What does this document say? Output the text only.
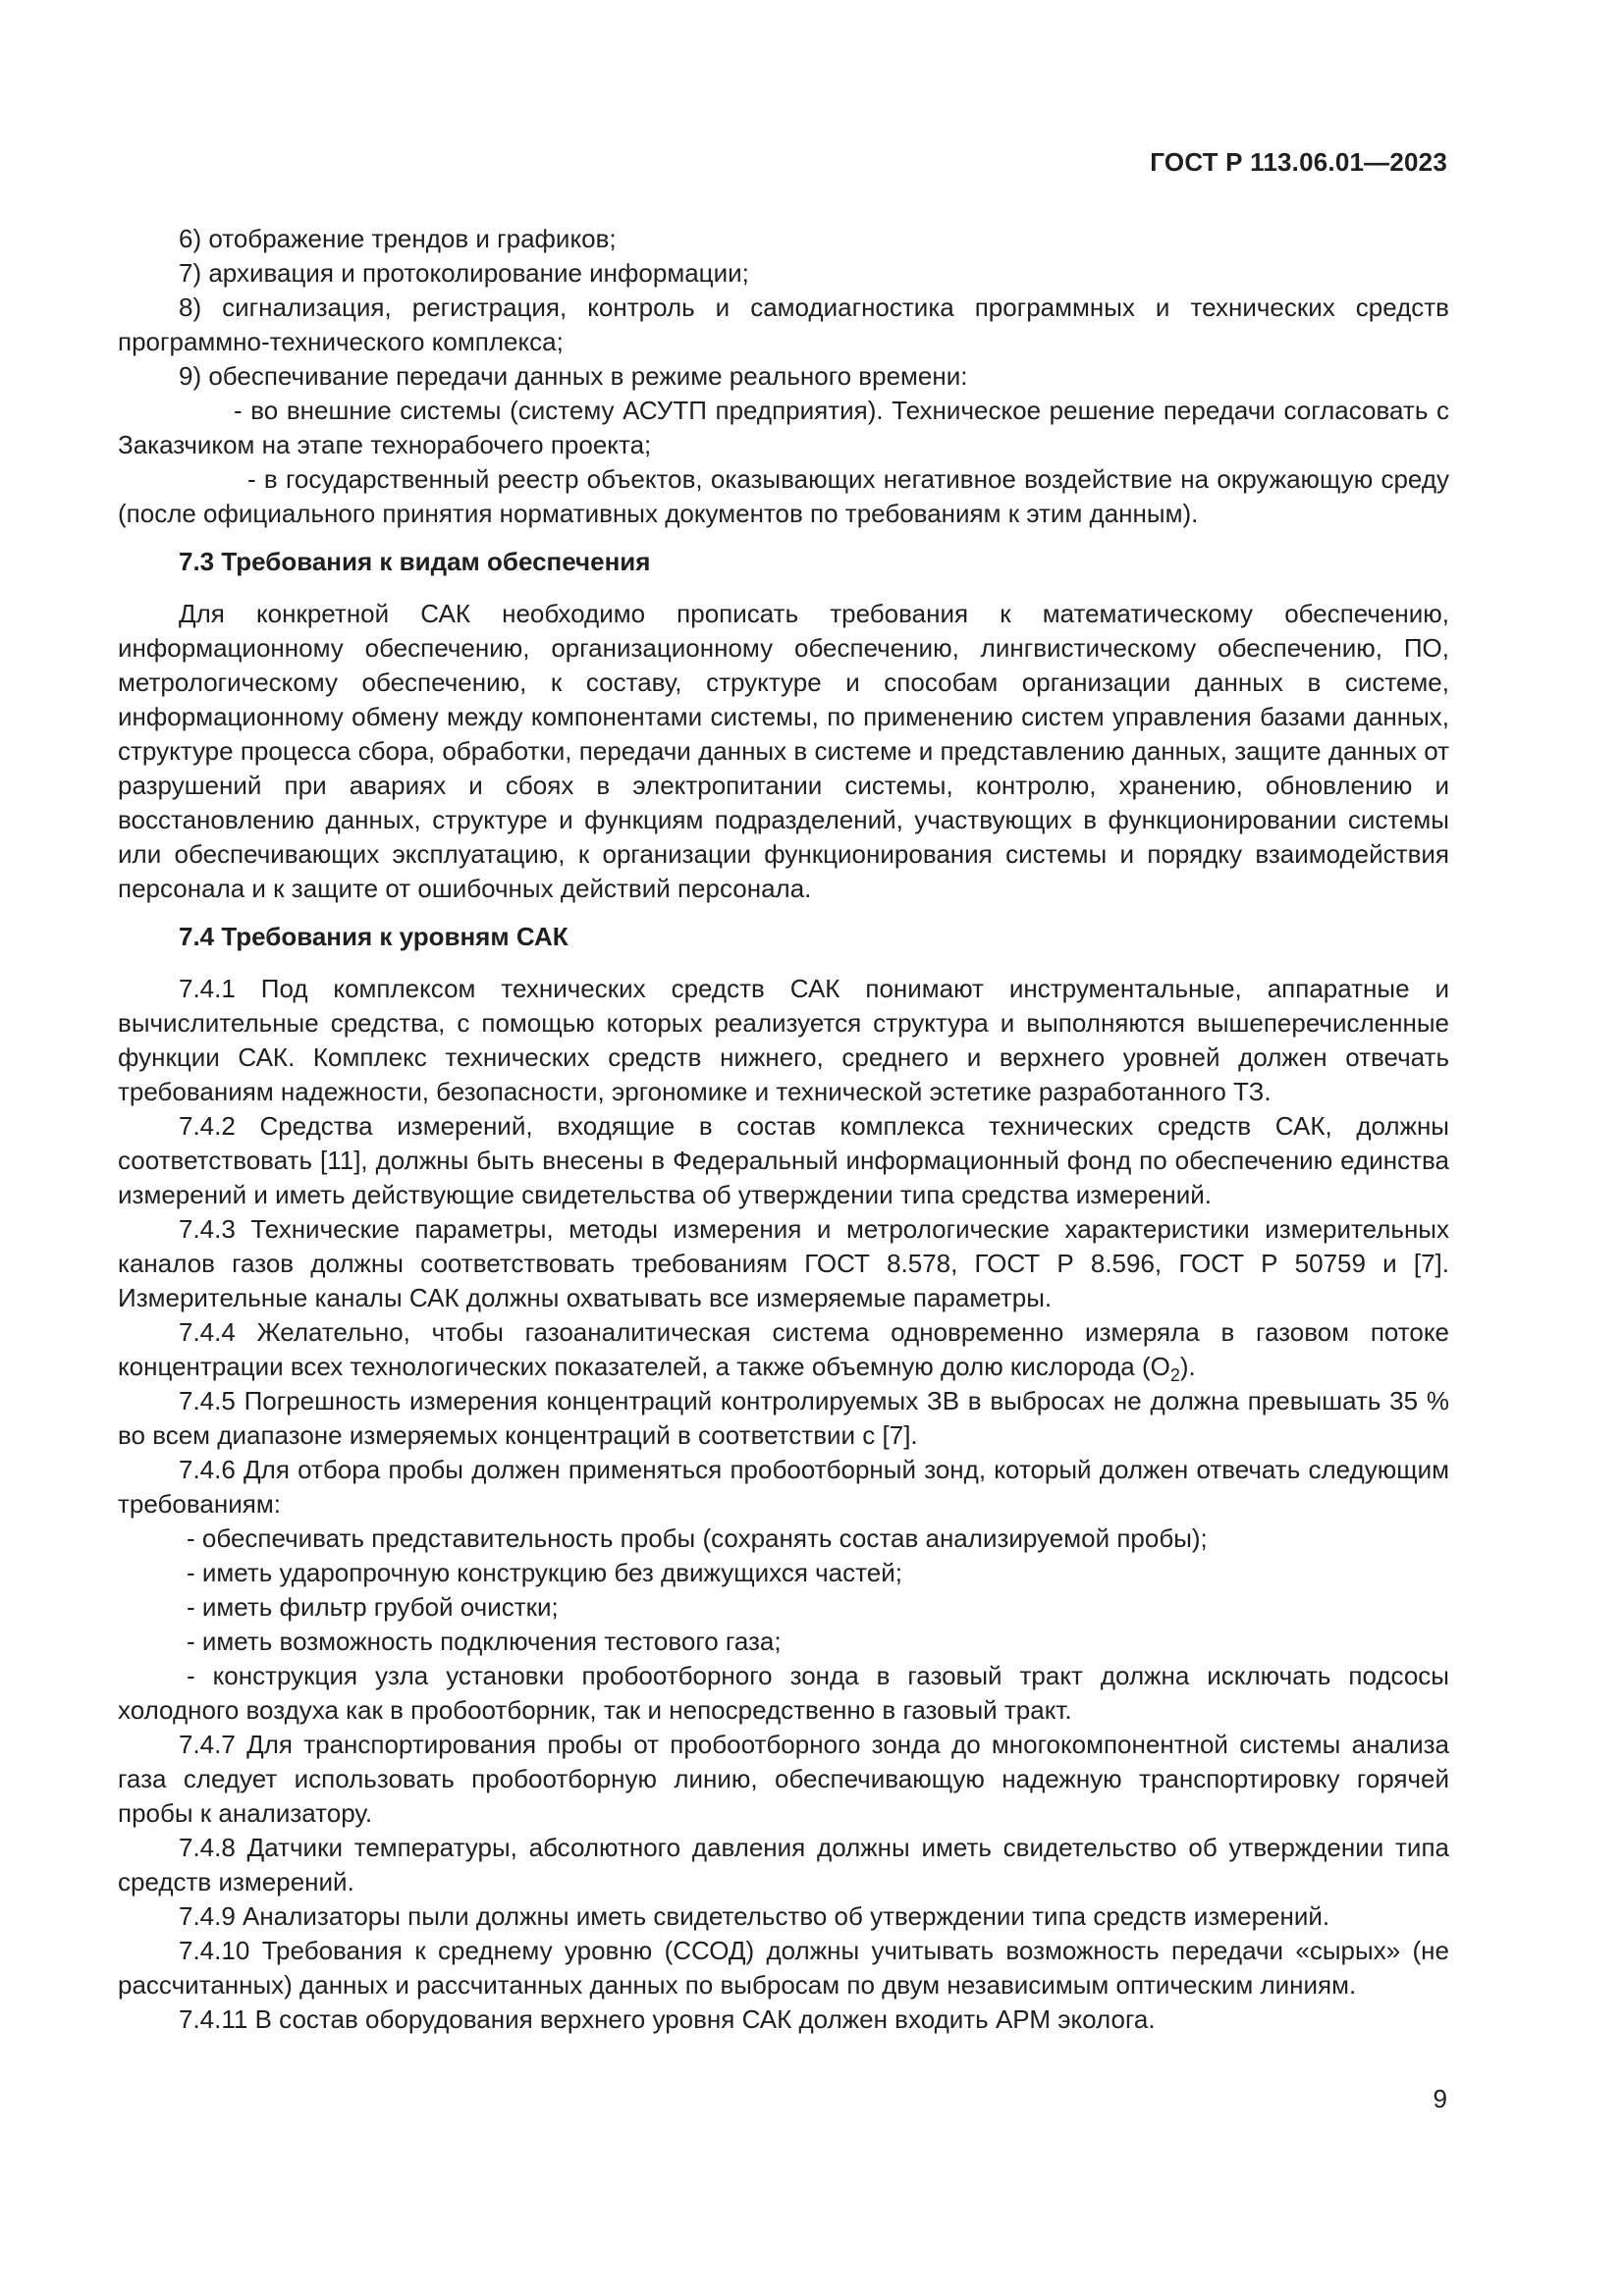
ГОСТ Р 113.06.01—2023

6) отображение трендов и графиков;

7) архивация и протоколирование информации;

8) сигнализация, регистрация, контроль и самодиагностика программных и технических средств программно-технического комплекса;

9) обеспечивание передачи данных в режиме реального времени:

- во внешние системы (систему АСУТП предприятия). Техническое решение передачи согласовать с Заказчиком на этапе технорабочего проекта;

- в государственный реестр объектов, оказывающих негативное воздействие на окружающую среду (после официального принятия нормативных документов по требованиям к этим данным).

7.3 Требования к видам обеспечения

Для конкретной САК необходимо прописать требования к математическому обеспечению, информационному обеспечению, организационному обеспечению, лингвистическому обеспечению, ПО, метрологическому обеспечению, к составу, структуре и способам организации данных в системе, информационному обмену между компонентами системы, по применению систем управления базами данных, структуре процесса сбора, обработки, передачи данных в системе и представлению данных, защите данных от разрушений при авариях и сбоях в электропитании системы, контролю, хранению, обновлению и восстановлению данных, структуре и функциям подразделений, участвующих в функционировании системы или обеспечивающих эксплуатацию, к организации функционирования системы и порядку взаимодействия персонала и к защите от ошибочных действий персонала.

7.4 Требования к уровням САК

7.4.1 Под комплексом технических средств САК понимают инструментальные, аппаратные и вычислительные средства, с помощью которых реализуется структура и выполняются вышеперечисленные функции САК. Комплекс технических средств нижнего, среднего и верхнего уровней должен отвечать требованиям надежности, безопасности, эргономике и технической эстетике разработанного ТЗ.

7.4.2 Средства измерений, входящие в состав комплекса технических средств САК, должны соответствовать [11], должны быть внесены в Федеральный информационный фонд по обеспечению единства измерений и иметь действующие свидетельства об утверждении типа средства измерений.

7.4.3 Технические параметры, методы измерения и метрологические характеристики измерительных каналов газов должны соответствовать требованиям ГОСТ 8.578, ГОСТ Р 8.596, ГОСТ Р 50759 и [7]. Измерительные каналы САК должны охватывать все измеряемые параметры.

7.4.4 Желательно, чтобы газоаналитическая система одновременно измеряла в газовом потоке концентрации всех технологических показателей, а также объемную долю кислорода $(O_2)$.

7.4.5 Погрешность измерения концентраций контролируемых ЗВ в выбросах не должна превышать 35 % во всем диапазоне измеряемых концентраций в соответствии с [7].

7.4.6 Для отбора пробы должен применяться пробоотборный зонд, который должен отвечать следующим требованиям:

- обеспечивать представительность пробы (сохранять состав анализируемой пробы);

- иметь ударопрочную конструкцию без движущихся частей;

- иметь фильтр грубой очистки;

- иметь возможность подключения тестового газа;

- конструкция узла установки пробоотборного зонда в газовый тракт должна исключать подсосы холодного воздуха как в пробоотборник, так и непосредственно в газовый тракт.

7.4.7 Для транспортирования пробы от пробоотборного зонда до многокомпонентной системы анализа газа следует использовать пробоотборную линию, обеспечивающую надежную транспортировку горячей пробы к анализатору.

7.4.8 Датчики температуры, абсолютного давления должны иметь свидетельство об утверждении типа средств измерений.

7.4.9 Анализаторы пыли должны иметь свидетельство об утверждении типа средств измерений.

7.4.10 Требования к среднему уровню (ССОД) должны учитывать возможность передачи «сырых» (не рассчитанных) данных и рассчитанных данных по выбросам по двум независимым оптическим линиям.

7.4.11 В состав оборудования верхнего уровня САК должен входить АРМ эколога.

9
